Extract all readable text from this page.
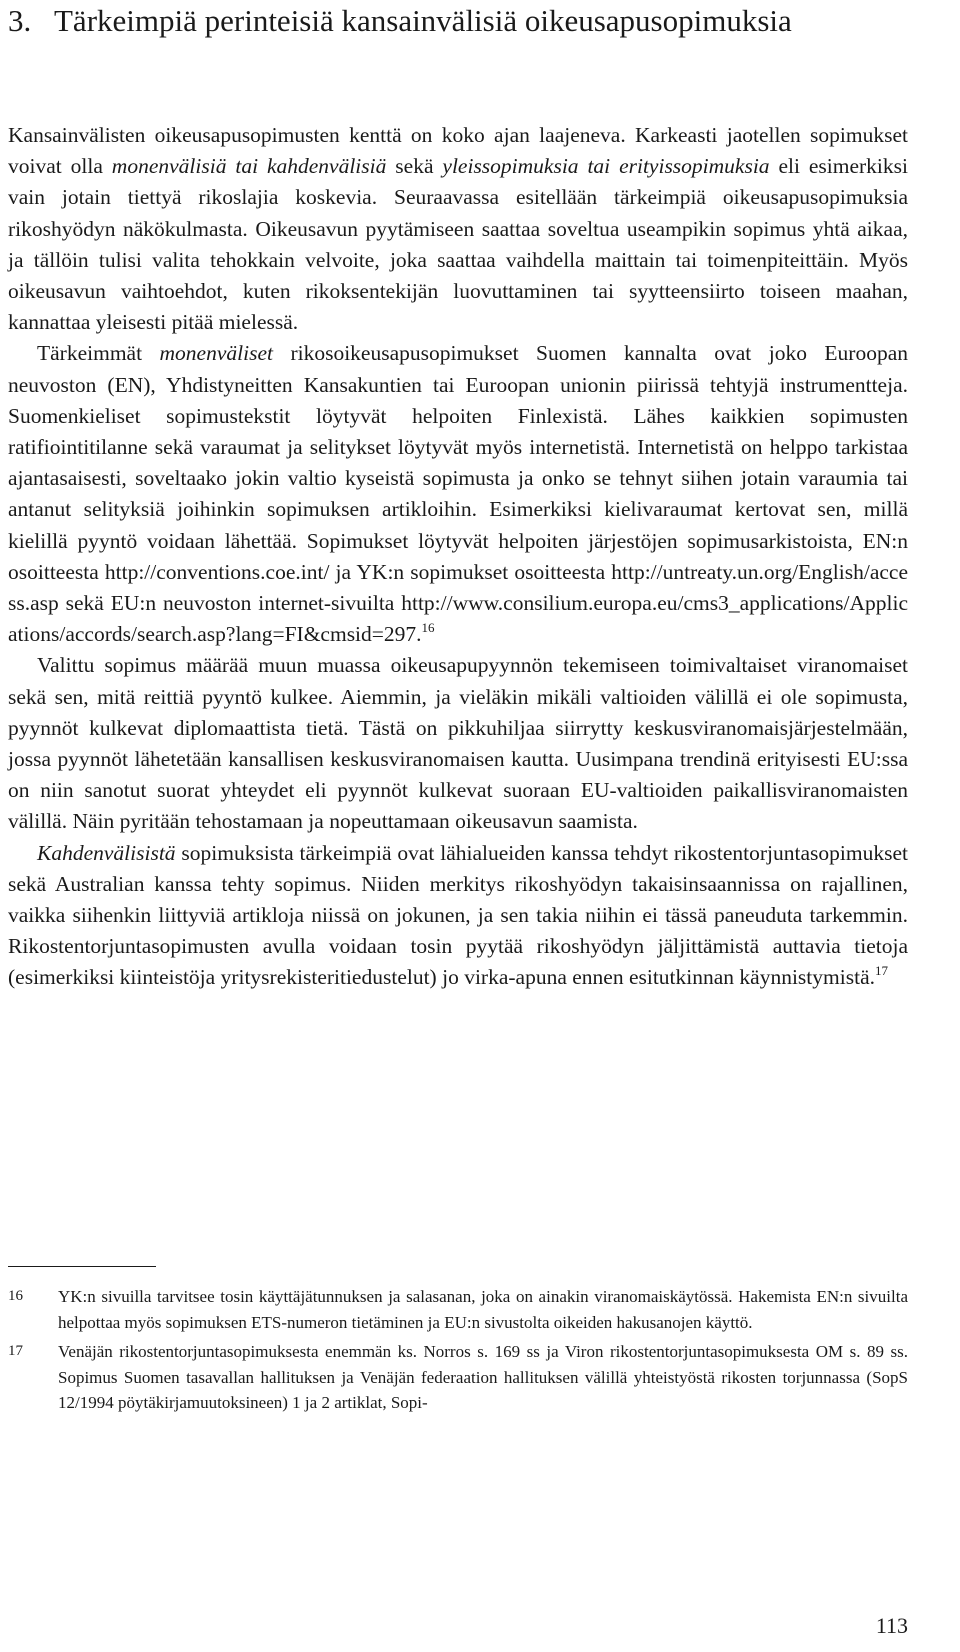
3. Tärkeimpiä perinteisiä kansainvälisiä oikeusapusopimuksia

Kansainvälisten oikeusapusopimusten kenttä on koko ajan laajeneva. Karkeasti jaotellen sopimukset voivat olla monenvälisiä tai kahdenvälisiä sekä yleissopimuksia tai erityissopimuksia eli esimerkiksi vain jotain tiettyä rikoslajia koskevia. Seuraavassa esitellään tärkeimpiä oikeusapusopimuksia rikoshyödyn näkökulmasta. Oikeusavun pyytämiseen saattaa soveltua useampikin sopimus yhtä aikaa, ja tällöin tulisi valita tehokkain velvoite, joka saattaa vaihdella maittain tai toimenpiteittäin. Myös oikeusavun vaihtoehdot, kuten rikoksentekijän luovuttaminen tai syytteensiirto toiseen maahan, kannattaa yleisesti pitää mielessä.

Tärkeimmät monenväliset rikosoikeusapusopimukset Suomen kannalta ovat joko Euroopan neuvoston (EN), Yhdistyneitten Kansakuntien tai Euroopan unionin piirissä tehtyjä instrumentteja. Suomenkieliset sopimustekstit löytyvät helpoiten Finlexistä. Lähes kaikkien sopimusten ratifiointitilanne sekä varaumat ja selitykset löytyvät myös internetistä. Internetistä on helppo tarkistaa ajantasaisesti, soveltaako jokin valtio kyseistä sopimusta ja onko se tehnyt siihen jotain varaumia tai antanut selityksiä joihinkin sopimuksen artikloihin. Esimerkiksi kielivaraumat kertovat sen, millä kielillä pyyntö voidaan lähettää. Sopimukset löytyvät helpoiten järjestöjen sopimusarkistoista, EN:n osoitteesta http://conventions.coe.int/ ja YK:n sopimukset osoitteesta http://untreaty.un.org/English/access.asp sekä EU:n neuvoston internet-sivuilta http://www.consilium.europa.eu/cms3_applications/Applications/accords/search.asp?lang=FI&cmsid=297.16

Valittu sopimus määrää muun muassa oikeusapupyynnön tekemiseen toimivaltaiset viranomaiset sekä sen, mitä reittiä pyyntö kulkee. Aiemmin, ja vieläkin mikäli valtioiden välillä ei ole sopimusta, pyynnöt kulkevat diplomaattista tietä. Tästä on pikkuhiljaa siirrytty keskusviranomaisjärjestelmään, jossa pyynnöt lähetetään kansallisen keskusviranomaisen kautta. Uusimpana trendinä erityisesti EU:ssa on niin sanotut suorat yhteydet eli pyynnöt kulkevat suoraan EU-valtioiden paikallisviranomaisten välillä. Näin pyritään tehostamaan ja nopeuttamaan oikeusavun saamista.

Kahdenvälisistä sopimuksista tärkeimpiä ovat lähialueiden kanssa tehdyt rikostentorjuntasopimukset sekä Australian kanssa tehty sopimus. Niiden merkitys rikoshyödyn takaisinsaannissa on rajallinen, vaikka siihenkin liittyviä artikloja niissä on jokunen, ja sen takia niihin ei tässä paneuduta tarkemmin. Rikostentorjuntasopimusten avulla voidaan tosin pyytää rikoshyödyn jäljittämistä auttavia tietoja (esimerkiksi kiinteistöja yritysrekisteritiedustelut) jo virka-apuna ennen esitutkinnan käynnistymistä.$^{17}$

16	YK:n sivuilla tarvitsee tosin käyttäjätunnuksen ja salasanan, joka on ainakin viranomaiskäytössä. Hakemista EN:n sivuilta helpottaa myös sopimuksen ETS-numeron tietäminen ja EU:n sivustolta oikeiden hakusanojen käyttö.
17	Venäjän rikostentorjuntasopimuksesta enemmän ks. Norros s. 169 ss ja Viron rikostentorjuntasopimuksesta OM s. 89 ss. Sopimus Suomen tasavallan hallituksen ja Venäjän federaation hallituksen välillä yhteistyöstä rikosten torjunnassa (SopS 12/1994 pöytäkirjamuutoksineen) 1 ja 2 artiklat, Sopi-
113
